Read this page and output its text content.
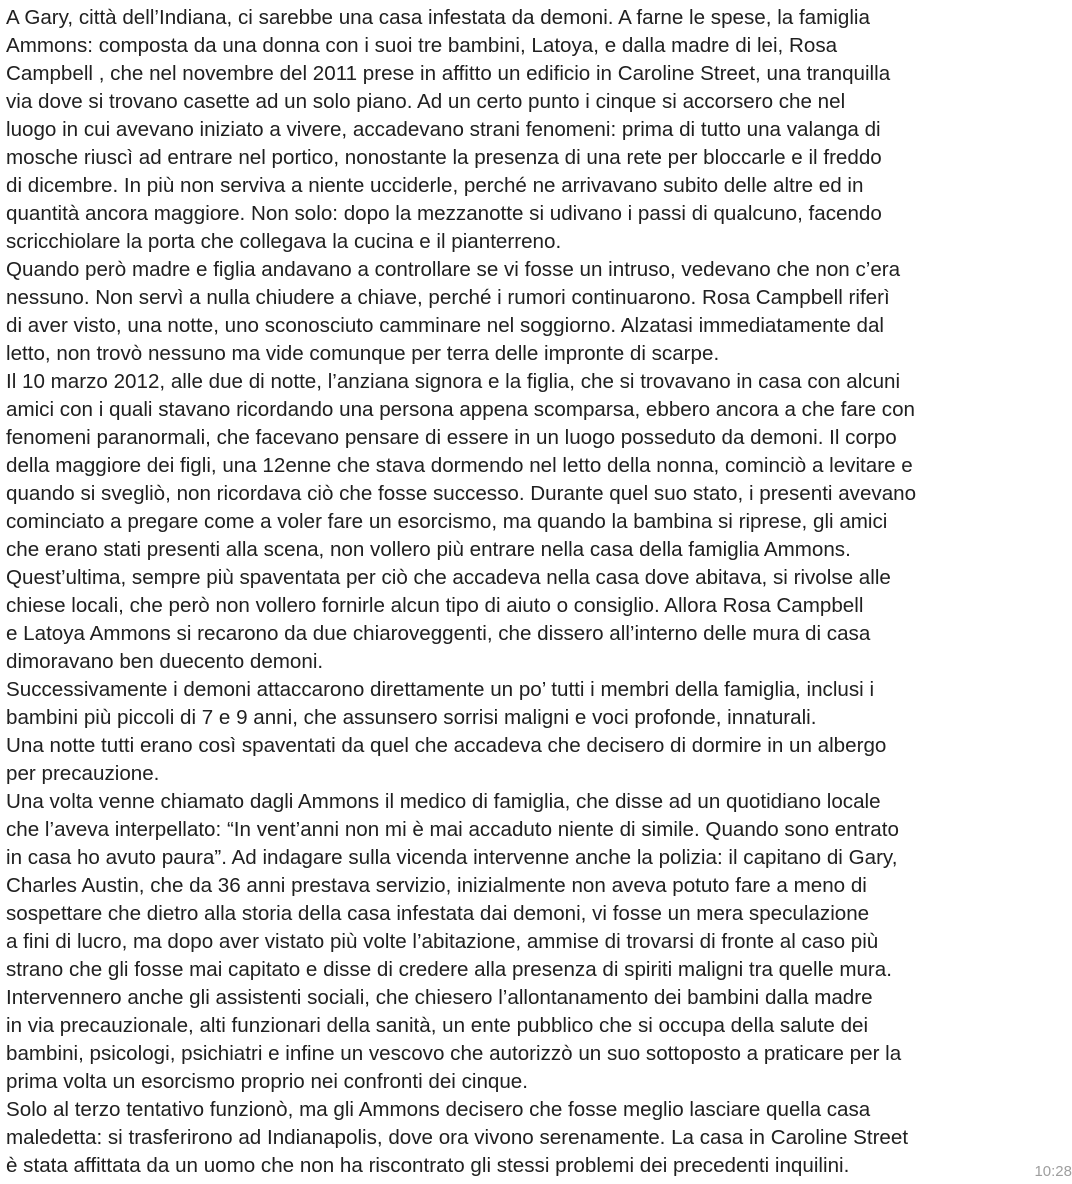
A Gary, città dell’Indiana, ci sarebbe una casa infestata da demoni. A farne le spese, la famiglia
Ammons: composta da una donna con i suoi tre bambini, Latoya, e dalla madre di lei, Rosa
Campbell , che nel novembre del 2011 prese in affitto un edificio in Caroline Street, una tranquilla
via dove si trovano casette ad un solo piano. Ad un certo punto i cinque si accorsero che nel
luogo in cui avevano iniziato a vivere, accadevano strani fenomeni: prima di tutto una valanga di
mosche riuscì ad entrare nel portico, nonostante la presenza di una rete per bloccarle e il freddo
di dicembre. In più non serviva a niente ucciderle, perché ne arrivavano subito delle altre ed in
quantità ancora maggiore. Non solo: dopo la mezzanotte si udivano i passi di qualcuno, facendo
scricchiolare la porta che collegava la cucina e il pianterreno.
Quando però madre e figlia andavano a controllare se vi fosse un intruso, vedevano che non c’era
nessuno. Non servì a nulla chiudere a chiave, perché i rumori continuarono. Rosa Campbell riferì
di aver visto, una notte, uno sconosciuto camminare nel soggiorno. Alzatasi immediatamente dal
letto, non trovò nessuno ma vide comunque per terra delle impronte di scarpe.
Il 10 marzo 2012, alle due di notte, l’anziana signora e la figlia, che si trovavano in casa con alcuni
amici con i quali stavano ricordando una persona appena scomparsa, ebbero ancora a che fare con
fenomeni paranormali, che facevano pensare di essere in un luogo posseduto da demoni. Il corpo
della maggiore dei figli, una 12enne che stava dormendo nel letto della nonna, cominciò a levitare e
quando si svegliò, non ricordava ciò che fosse successo. Durante quel suo stato, i presenti avevano
cominciato a pregare come a voler fare un esorcismo, ma quando la bambina si riprese, gli amici
che erano stati presenti alla scena, non vollero più entrare nella casa della famiglia Ammons.
Quest’ultima, sempre più spaventata per ciò che accadeva nella casa dove abitava, si rivolse alle
chiese locali, che però non vollero fornirle alcun tipo di aiuto o consiglio. Allora Rosa Campbell
e Latoya Ammons si recarono da due chiaroveggenti, che dissero all’interno delle mura di casa
dimoravano ben duecento demoni.
Successivamente i demoni attaccarono direttamente un po’ tutti i membri della famiglia, inclusi i
bambini più piccoli di 7 e 9 anni, che assunsero sorrisi maligni e voci profonde, innaturali.
Una notte tutti erano così spaventati da quel che accadeva che decisero di dormire in un albergo
per precauzione.
Una volta venne chiamato dagli Ammons il medico di famiglia, che disse ad un quotidiano locale
che l’aveva interpellato: “In vent’anni non mi è mai accaduto niente di simile. Quando sono entrato
in casa ho avuto paura”. Ad indagare sulla vicenda intervenne anche la polizia: il capitano di Gary,
Charles Austin, che da 36 anni prestava servizio, inizialmente non aveva potuto fare a meno di
sospettare che dietro alla storia della casa infestata dai demoni, vi fosse un mera speculazione
a fini di lucro, ma dopo aver vistato più volte l’abitazione, ammise di trovarsi di fronte al caso più
strano che gli fosse mai capitato e disse di credere alla presenza di spiriti maligni tra quelle mura.
Intervennero anche gli assistenti sociali, che chiesero l’allontanamento dei bambini dalla madre
in via precauzionale, alti funzionari della sanità, un ente pubblico che si occupa della salute dei
bambini, psicologi, psichiatri e infine un vescovo che autorizzò un suo sottoposto a praticare per la
prima volta un esorcismo proprio nei confronti dei cinque.
Solo al terzo tentativo funzionò, ma gli Ammons decisero che fosse meglio lasciare quella casa
maledetta: si trasferirono ad Indianapolis, dove ora vivono serenamente. La casa in Caroline Street
è stata affittata da un uomo che non ha riscontrato gli stessi problemi dei precedenti inquilini.	10:28
